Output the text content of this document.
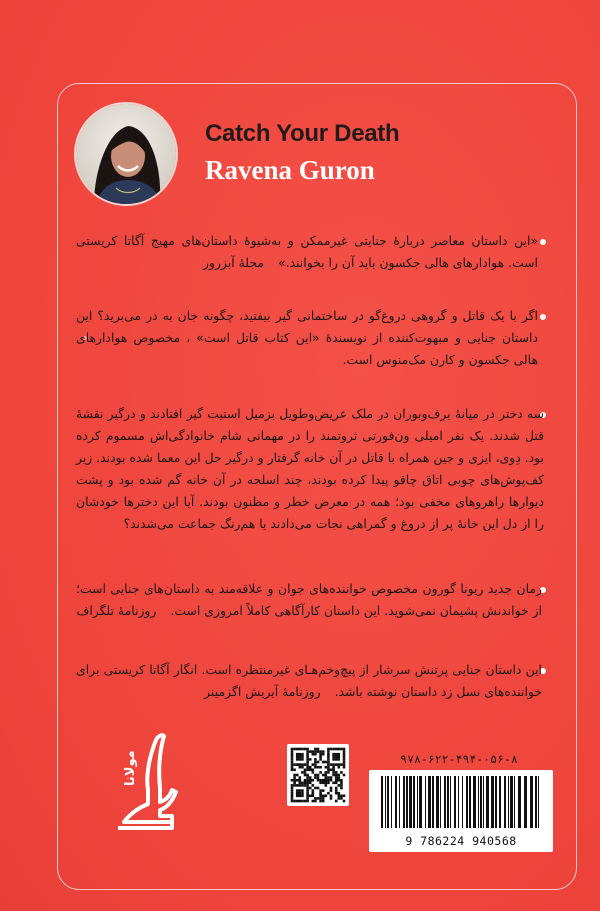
Catch Your Death
Ravena Guron

«این داستان معاصر دربارهٔ جنایتی غیرممکن و به‌شیوهٔ داستان‌های مهیج آگاتا کریستی است. هوادارهای هالی جکسون باید آن را بخوانند.»مجلهٔ آبزرور

اگر با یک قاتل و گروهی دروغ‌گو در ساختمانی گیر بیفتید، چگونه جان به در می‌برید؟ این داستان جنایی و مبهوت‌کننده از نویسندهٔ «این کتاب قاتل است» ، مخصوص هوادارهای هالی جکسون و کارن مک‌منوس است.

سه دختر در میانهٔ برف‌وبوران در ملک عریض‌وطویل بزمیل استیت گیر افتادند و درگیر نقشهٔ قتل شدند. یک نفر امیلی ون‌فورتی ثروتمند را در مهمانی شام خانوادگی‌اش مسموم کرده بود. دِوی، ایزی و جین همراه با قاتل در آن خانه گرفتار و درگیر حل این معما شده بودند. زیر کف‌پوش‌های چوبی اتاق چاقو پیدا کرده بودند، چند اسلحه در آن خانه گم شده بود و پشت دیوارها راهروهای مخفی بود؛ همه در معرض خطر و مظنون بودند. آیا این دخترها خودشان را از دل این خانهٔ پر از دروغ و گمراهی نجات می‌دادند یا هم‌رنگ جماعت می‌شدند؟

رمان جدید ریونا گورون مخصوص خواننده‌های جوان و علاقه‌مند به داستان‌های جنایی است؛ از خواندنش پشیمان نمی‌شوید. این داستان کارآگاهی کاملاً امروزی است.روزنامهٔ تلگراف

این داستان جنایی پرتنش سرشار از پیچ‌وخم‌هـای غیرمنتظره است. انگار آگاتا کریستی برای خواننده‌های نسل زد داستان نوشته باشد.روزنامهٔ آیریش اگزمینر

۹۷۸-۶۲۲-۴۹۴-۰۵۶-۸
9 786224 940568
مولانا
